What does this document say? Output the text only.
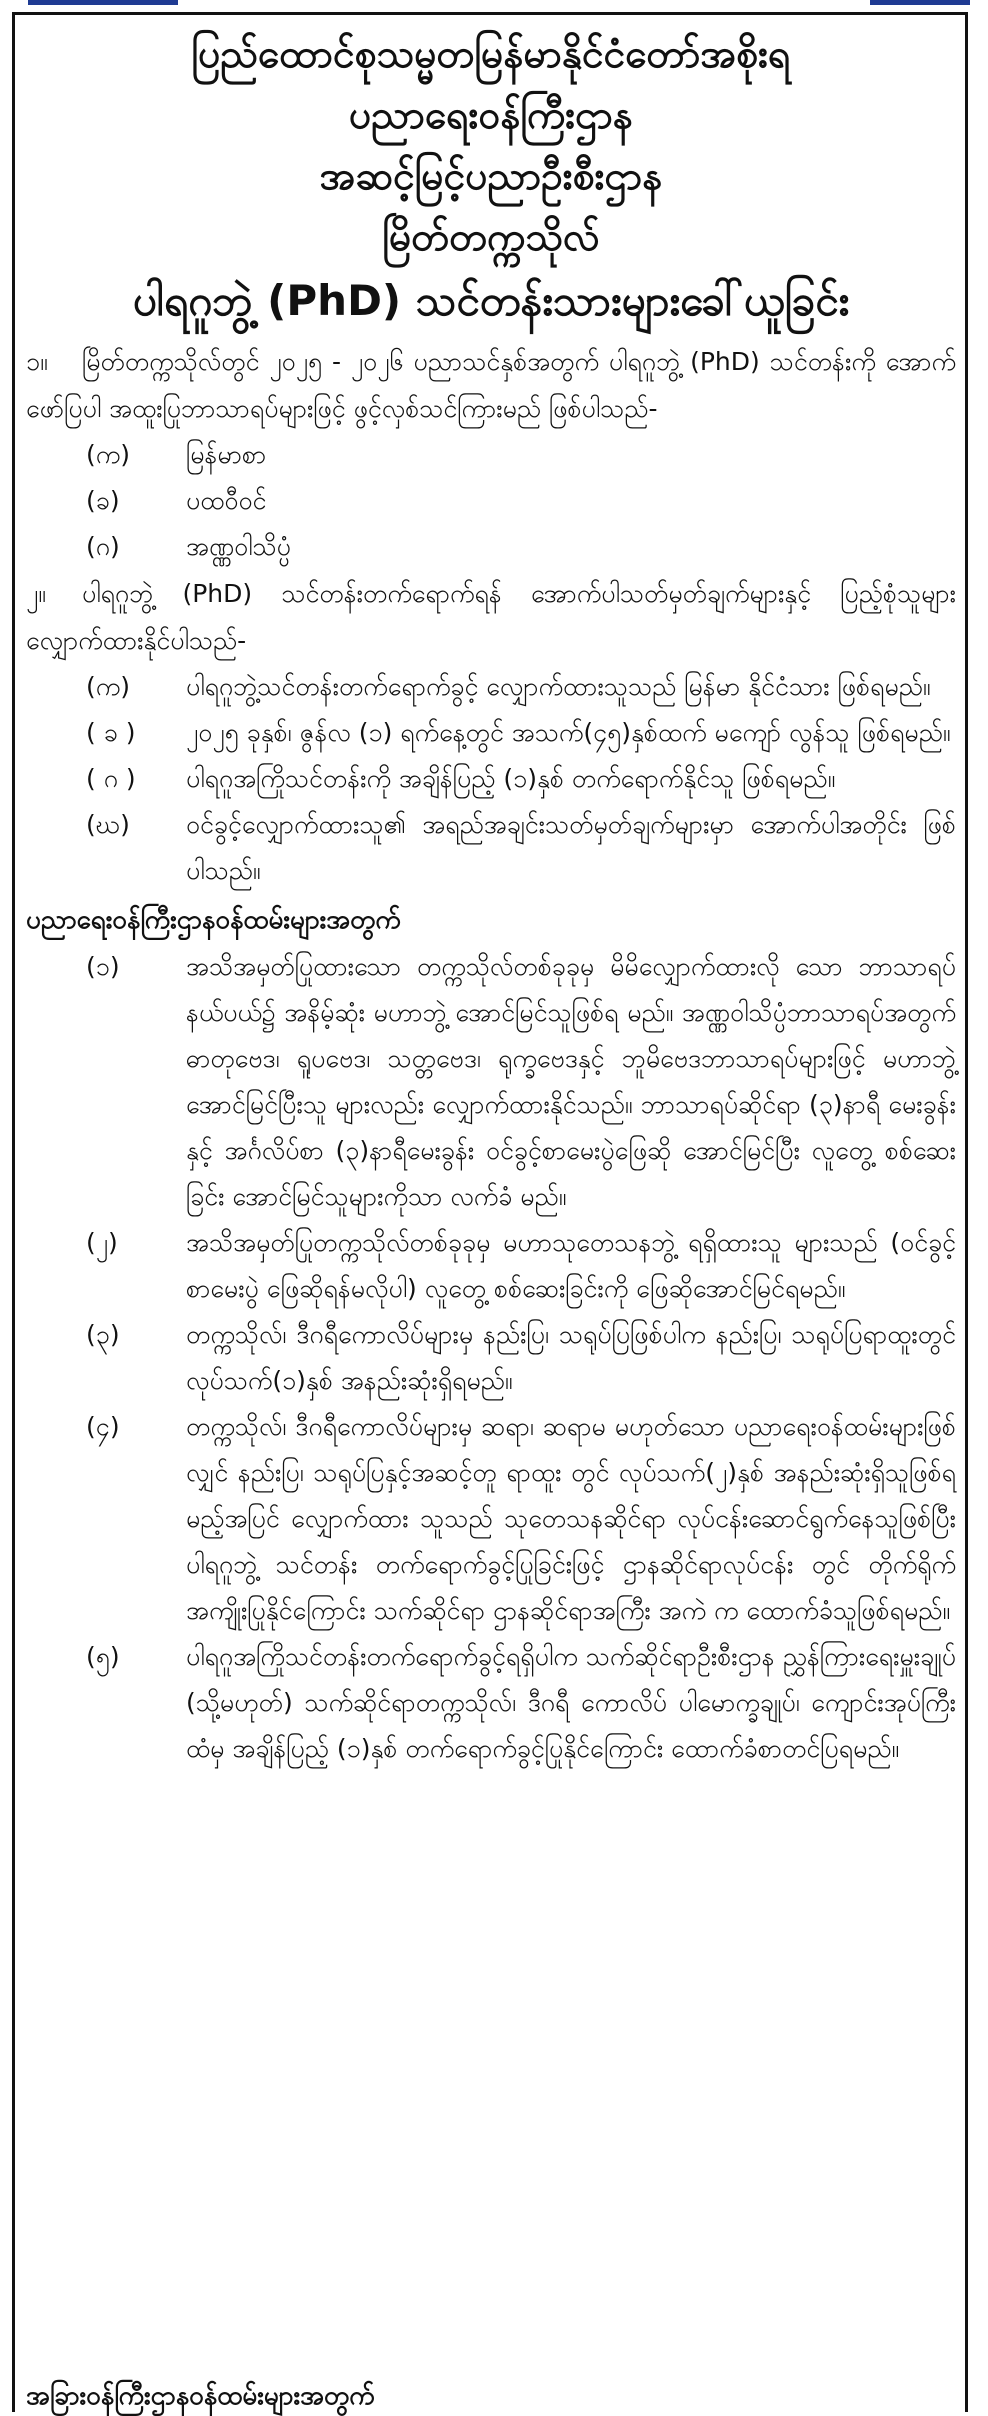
ပြည်ထောင်စုသမ္မတမြန်မာနိုင်ငံတော်အစိုးရ
ပညာရေးဝန်ကြီးဌာန
အဆင့်မြင့်ပညာဦးစီးဌာန
မြိတ်တက္ကသိုလ်
ပါရဂူဘွဲ့ (PhD) သင်တန်းသားများခေါ်ယူခြင်း

၁။ မြိတ်တက္ကသိုလ်တွင် ၂၀၂၅ - ၂၀၂၆ ပညာသင်နှစ်အတွက် ပါရဂူဘွဲ့ (PhD) သင်တန်းကို အောက်ဖော်ပြပါ အထူးပြုဘာသာရပ်များဖြင့် ဖွင့်လှစ်သင်ကြားမည် ဖြစ်ပါသည်-

(က)	မြန်မာစာ
(ခ)	ပထဝီဝင်
(ဂ)	အဏ္ဏဝါသိပ္ပံ

၂။ ပါရဂူဘွဲ့ (PhD) သင်တန်းတက်ရောက်ရန် အောက်ပါသတ်မှတ်ချက်များနှင့် ပြည့်စုံသူများ လျှောက်ထားနိုင်ပါသည်-

(က)	ပါရဂူဘွဲ့သင်တန်းတက်ရောက်ခွင့် လျှောက်ထားသူသည် မြန်မာ နိုင်ငံသား ဖြစ်ရမည်။
( ခ )	၂၀၂၅ ခုနှစ်၊ ဇွန်လ (၁) ရက်နေ့တွင် အသက်(၄၅)နှစ်ထက် မကျော် လွန်သူ ဖြစ်ရမည်။
( ဂ )	ပါရဂူအကြိုသင်တန်းကို အချိန်ပြည့် (၁)နှစ် တက်ရောက်နိုင်သူ ဖြစ်ရမည်။
(ဃ)	ဝင်ခွင့်လျှောက်ထားသူ၏ အရည်အချင်းသတ်မှတ်ချက်များမှာ အောက်ပါအတိုင်း ဖြစ်ပါသည်။
ပညာရေးဝန်ကြီးဌာနဝန်ထမ်းများအတွက်
(၁)	အသိအမှတ်ပြုထားသော တက္ကသိုလ်တစ်ခုခုမှ မိမိလျှောက်ထားလို သော ဘာသာရပ်နယ်ပယ်၌ အနိမ့်ဆုံး မဟာဘွဲ့ အောင်မြင်သူဖြစ်ရ မည်။ အဏ္ဏဝါသိပ္ပံဘာသာရပ်အတွက် ဓာတုဗေဒ၊ ရူပဗေဒ၊ သတ္တဗေဒ၊ ရုက္ခဗေဒနှင့် ဘူမိဗေဒဘာသာရပ်များဖြင့် မဟာဘွဲ့ အောင်မြင်ပြီးသူ များလည်း လျှောက်ထားနိုင်သည်။ ဘာသာရပ်ဆိုင်ရာ (၃)နာရီ မေးခွန်းနှင့် အင်္ဂလိပ်စာ (၃)နာရီမေးခွန်း ဝင်ခွင့်စာမေးပွဲဖြေဆို အောင်မြင်ပြီး လူတွေ့ စစ်ဆေးခြင်း အောင်မြင်သူများကိုသာ လက်ခံ မည်။
(၂)	အသိအမှတ်ပြုတက္ကသိုလ်တစ်ခုခုမှ မဟာသုတေသနဘွဲ့ ရရှိထားသူ များသည် (ဝင်ခွင့်စာမေးပွဲ ဖြေဆိုရန်မလိုပါ) လူတွေ့ စစ်ဆေးခြင်းကို ဖြေဆိုအောင်မြင်ရမည်။
(၃)	တက္ကသိုလ်၊ ဒီဂရီကောလိပ်များမှ နည်းပြ၊ သရုပ်ပြဖြစ်ပါက နည်းပြ၊ သရုပ်ပြရာထူးတွင် လုပ်သက်(၁)နှစ် အနည်းဆုံးရှိရမည်။
(၄)	တက္ကသိုလ်၊ ဒီဂရီကောလိပ်များမှ ဆရာ၊ ဆရာမ မဟုတ်သော ပညာရေးဝန်ထမ်းများဖြစ်လျှင် နည်းပြ၊ သရုပ်ပြနှင့်အဆင့်တူ ရာထူး တွင် လုပ်သက်(၂)နှစ် အနည်းဆုံးရှိသူဖြစ်ရမည့်အပြင် လျှောက်ထား သူသည် သုတေသနဆိုင်ရာ လုပ်ငန်းဆောင်ရွက်နေသူဖြစ်ပြီး ပါရဂူဘွဲ့ သင်တန်း တက်ရောက်ခွင့်ပြုခြင်းဖြင့် ဌာနဆိုင်ရာလုပ်ငန်း တွင် တိုက်ရိုက်အကျိုးပြုနိုင်ကြောင်း သက်ဆိုင်ရာ ဌာနဆိုင်ရာအကြီး အကဲ က ထောက်ခံသူဖြစ်ရမည်။
(၅)	ပါရဂူအကြိုသင်တန်းတက်ရောက်ခွင့်ရရှိပါက သက်ဆိုင်ရာဦးစီးဌာန ညွှန်ကြားရေးမှူးချုပ် (သို့မဟုတ်) သက်ဆိုင်ရာတက္ကသိုလ်၊ ဒီဂရီ ကောလိပ် ပါမောက္ခချုပ်၊ ကျောင်းအုပ်ကြီးထံမှ အချိန်ပြည့် (၁)နှစ် တက်ရောက်ခွင့်ပြုနိုင်ကြောင်း ထောက်ခံစာတင်ပြရမည်။
အခြားဝန်ကြီးဌာနဝန်ထမ်းများအတွက်
